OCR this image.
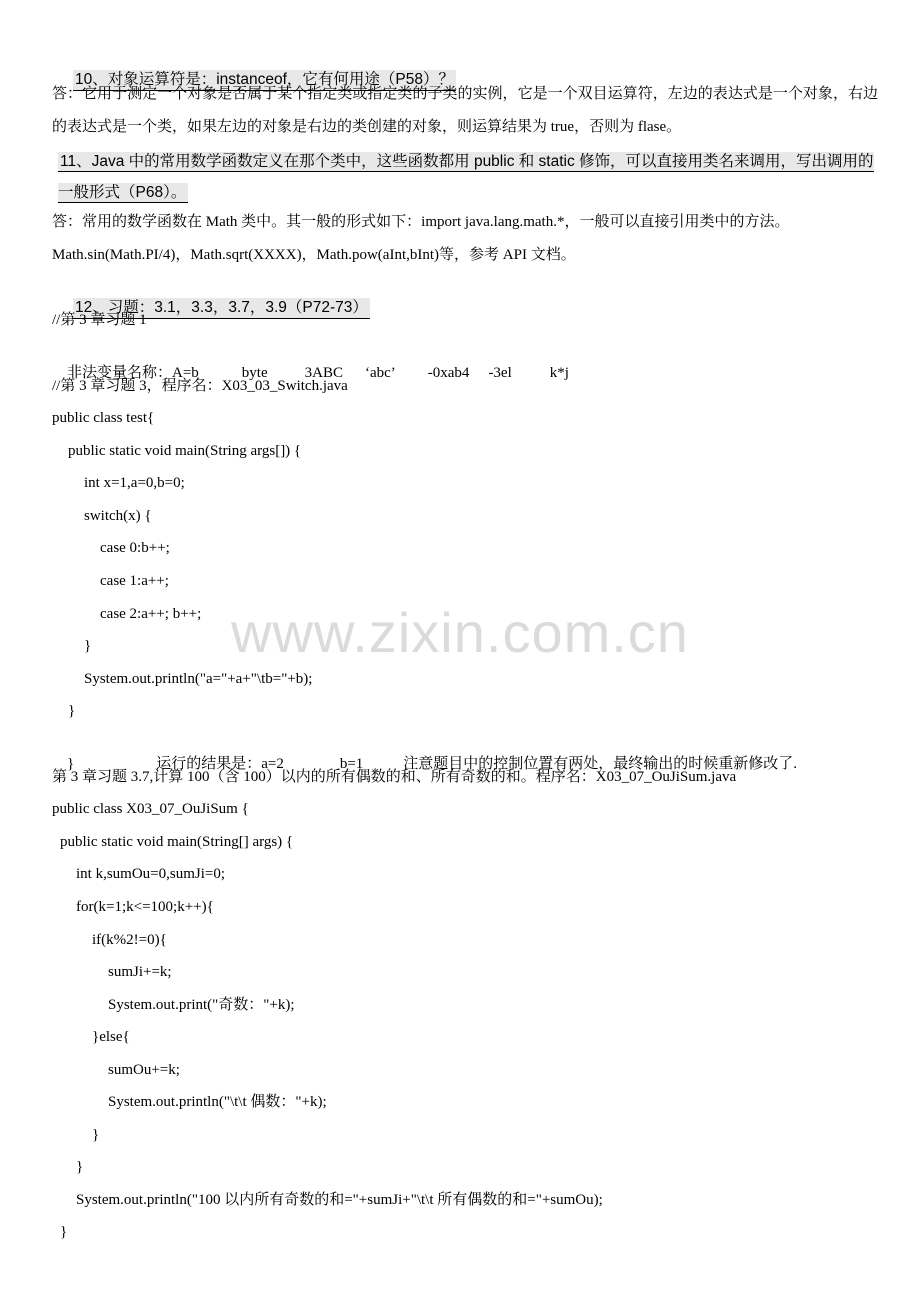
10、对象运算符是：instanceof，它有何用途（P58）？

答：它用于测定一个对象是否属于某个指定类或指定类的子类的实例，它是一个双目运算符，左边的表达式是一个对象，右边的表达式是一个类，如果左边的对象是右边的类创建的对象，则运算结果为 true，否则为 flase。
11、Java 中的常用数学函数定义在那个类中，这些函数都用 public 和 static 修饰，可以直接用类名来调用，写出调用的一般形式（P68）。
答：常用的数学函数在 Math 类中。其一般的形式如下：import java.lang.math.*，一般可以直接引用类中的方法。
Math.sin(Math.PI/4)，Math.sqrt(XXXX)，Math.pow(aInt,bInt)等，参考 API 文档。

12、习题：3.1，3.3，3.7，3.9（P72-73）

//第 3 章习题 1

非法变量名称：A=b	byte 3ABC ‘abc’ -0xab4 -3el	k*j

//第 3 章习题 3，程序名：X03_03_Switch.java
public class test{
public static void main(String args[]) {
int x=1,a=0,b=0;
switch(x) {
case 0:b++;
case 1:a++;
case 2:a++; b++;
}
System.out.println("a="+a+"\tb="+b);
}

}	运行的结果是：a=2	b=1	注意题目中的控制位置有两处，最终输出的时候重新修改了.

第 3 章习题 3.7,计算 100（含 100）以内的所有偶数的和、所有奇数的和。程序名：X03_07_OuJiSum.java
public class X03_07_OuJiSum {
public static void main(String[] args) {
int k,sumOu=0,sumJi=0;
for(k=1;k<=100;k++){
if(k%2!=0){
sumJi+=k;
System.out.print("奇数："+k);
}else{
sumOu+=k;
System.out.println("\t\t 偶数："+k);
}
}
System.out.println("100 以内所有奇数的和="+sumJi+"\t\t 所有偶数的和="+sumOu);
}
www.zixin.com.cn
